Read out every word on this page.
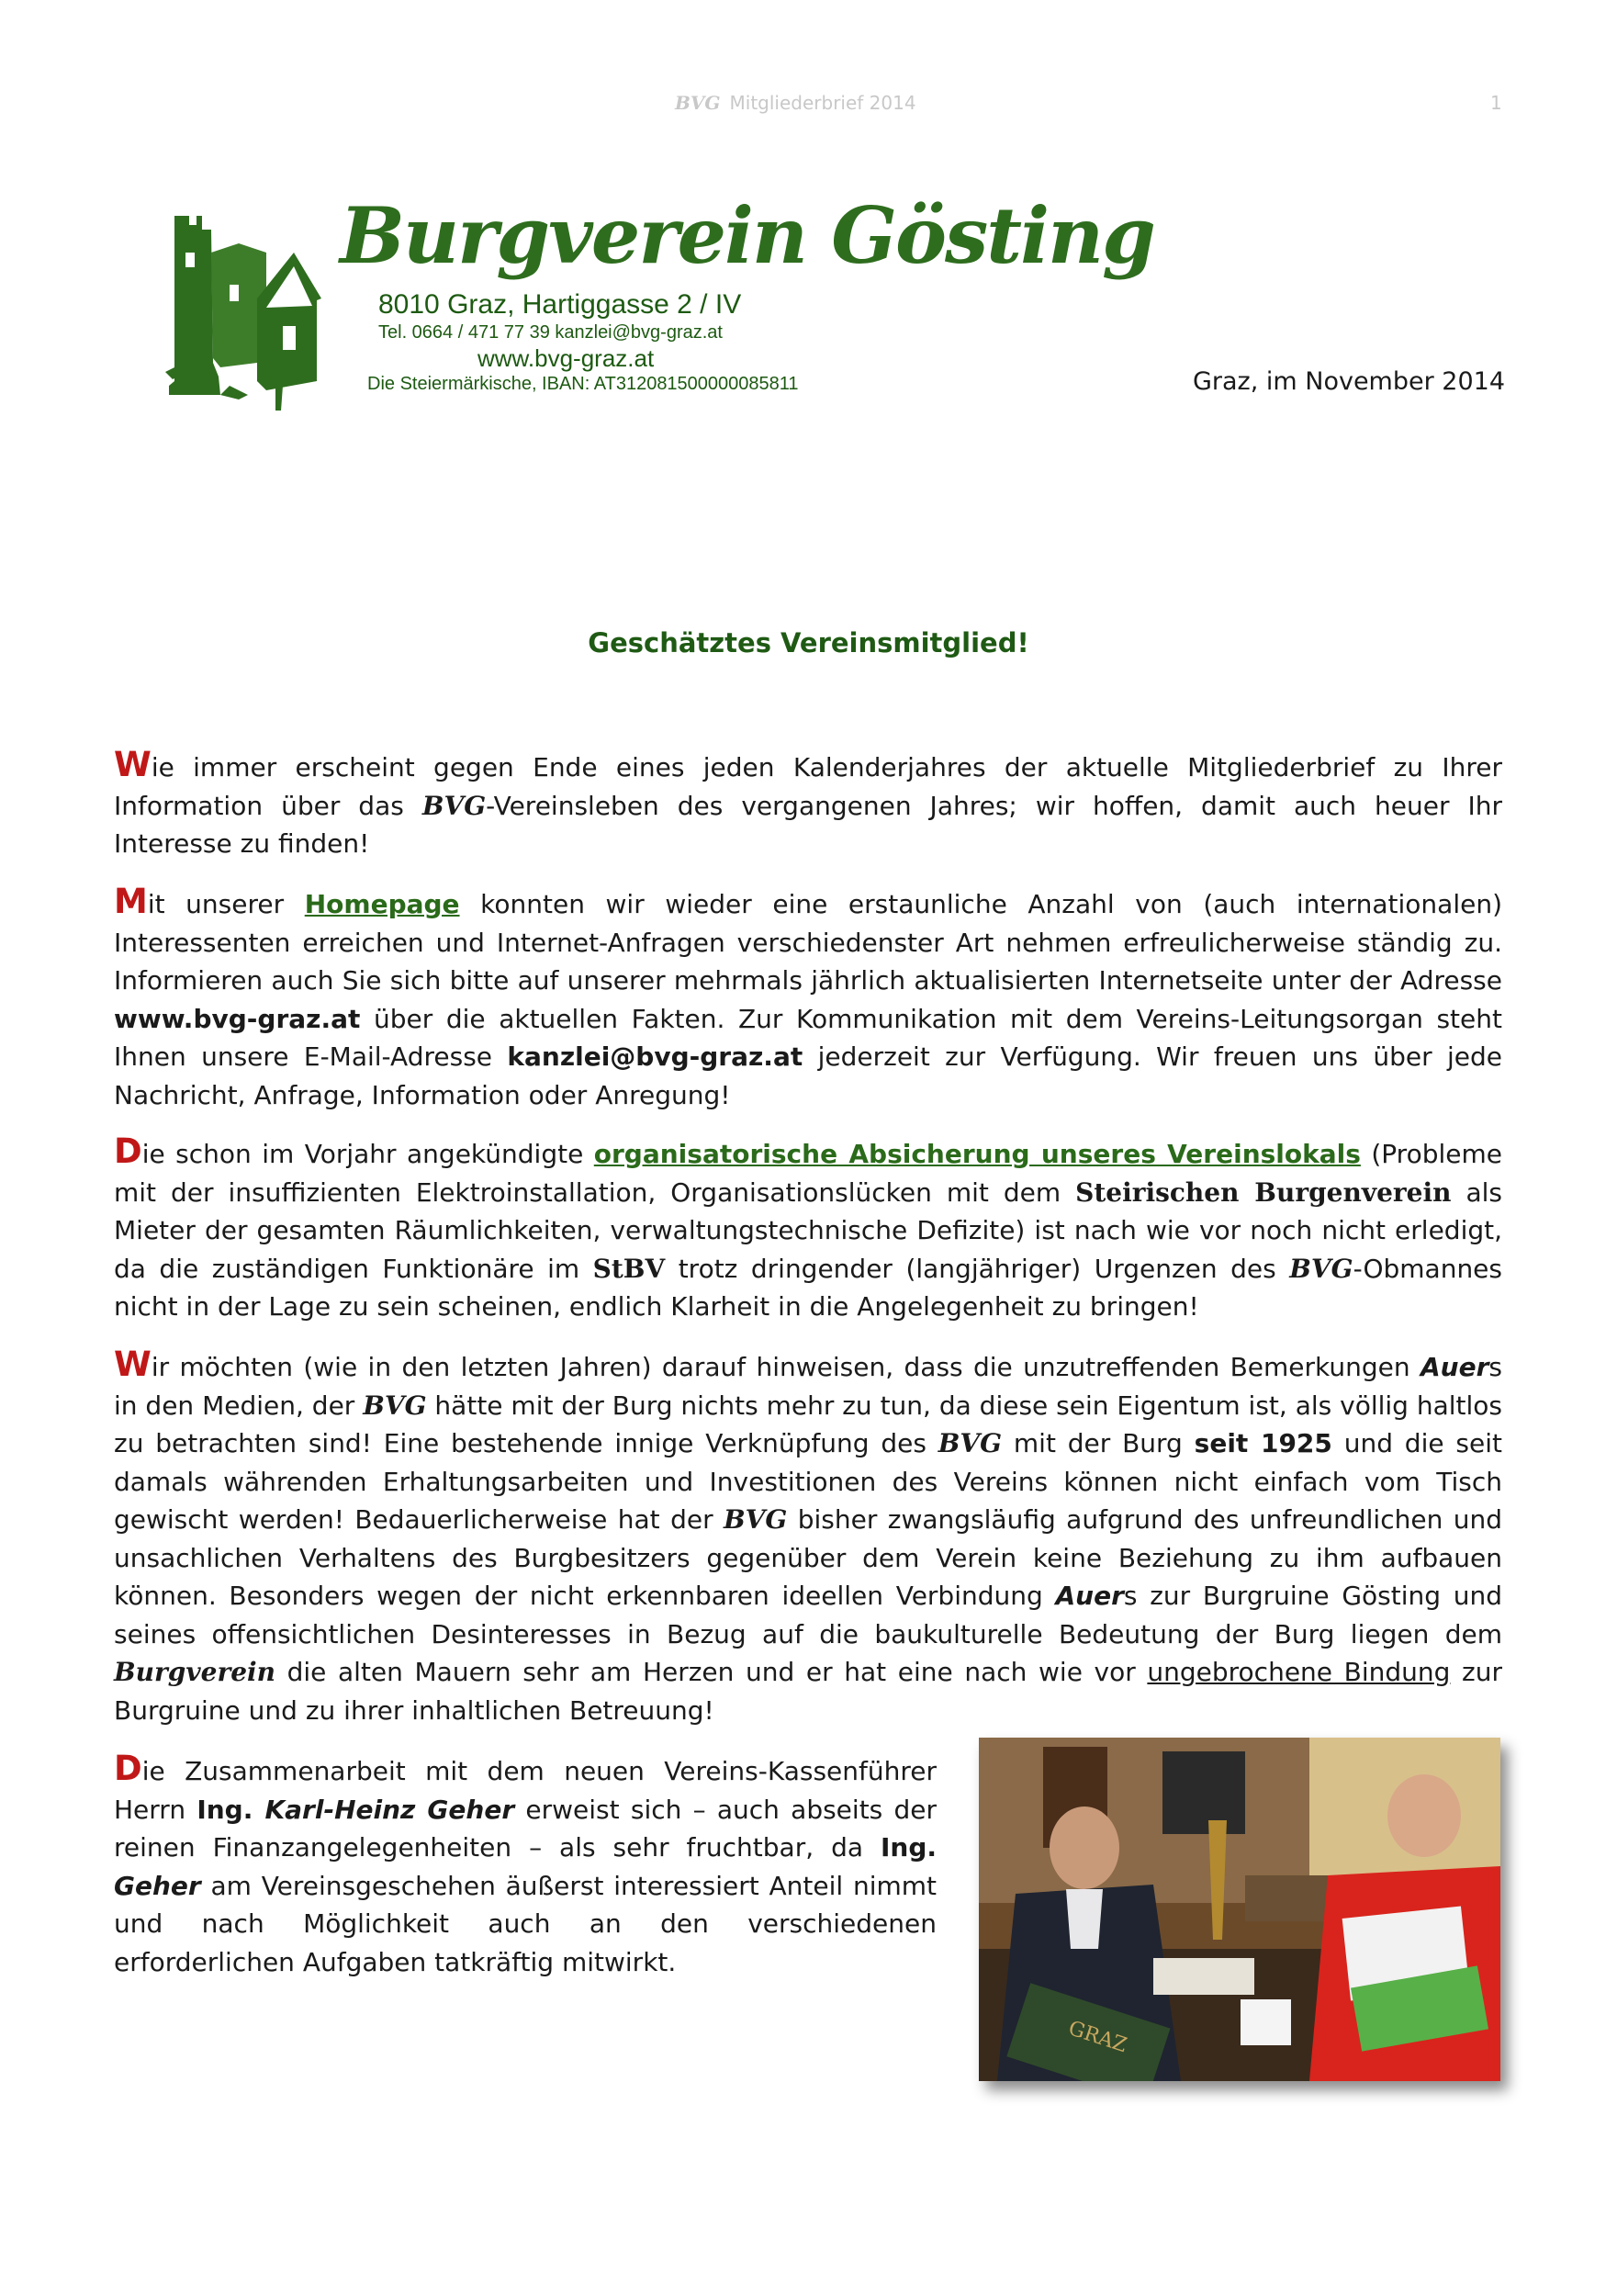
BVG Mitgliederbrief 2014	1
Burgverein Gösting
8010 Graz, Hartiggasse 2 / IV
Tel. 0664 / 471 77 39 kanzlei@bvg-graz.at
www.bvg-graz.at
Die Steiermärkische, IBAN: AT312081500000085811	Graz, im November 2014
Geschätztes Vereinsmitglied!

Wie immer erscheint gegen Ende eines jeden Kalenderjahres der aktuelle Mitgliederbrief zu Ihrer Information über das BVG-Vereinsleben des vergangenen Jahres; wir hoffen, damit auch heuer Ihr Interesse zu finden!

Mit unserer Homepage konnten wir wieder eine erstaunliche Anzahl von (auch internationalen) Interessenten erreichen und Internet-Anfragen verschiedenster Art nehmen erfreulicherweise ständig zu. Informieren auch Sie sich bitte auf unserer mehrmals jährlich aktualisierten Internetseite unter der Adresse www.bvg-graz.at über die aktuellen Fakten. Zur Kommunikation mit dem Vereins-Leitungsorgan steht Ihnen unsere E-Mail-Adresse kanzlei@bvg-graz.at jederzeit zur Verfügung. Wir freuen uns über jede Nachricht, Anfrage, Information oder Anregung!

Die schon im Vorjahr angekündigte organisatorische Absicherung unseres Vereinslokals (Probleme mit der insuffizienten Elektroinstallation, Organisationslücken mit dem Steirischen Burgenverein als Mieter der gesamten Räumlichkeiten, verwaltungstechnische Defizite) ist nach wie vor noch nicht erledigt, da die zuständigen Funktionäre im StBV trotz dringender (langjähriger) Urgenzen des BVG-Obmannes nicht in der Lage zu sein scheinen, endlich Klarheit in die Angelegenheit zu bringen!

Wir möchten (wie in den letzten Jahren) darauf hinweisen, dass die unzutreffenden Bemerkungen Auers in den Medien, der BVG hätte mit der Burg nichts mehr zu tun, da diese sein Eigentum ist, als völlig haltlos zu betrachten sind! Eine bestehende innige Verknüpfung des BVG mit der Burg seit 1925 und die seit damals währenden Erhaltungsarbeiten und Investitionen des Vereins können nicht einfach vom Tisch gewischt werden! Bedauerlicherweise hat der BVG bisher zwangsläufig aufgrund des unfreundlichen und unsachlichen Verhaltens des Burgbesitzers gegenüber dem Verein keine Beziehung zu ihm aufbauen können. Besonders wegen der nicht erkennbaren ideellen Verbindung Auers zur Burgruine Gösting und seines offensichtlichen Desinteresses in Bezug auf die baukulturelle Bedeutung der Burg liegen dem Burgverein die alten Mauern sehr am Herzen und er hat eine nach wie vor ungebrochene Bindung zur Burgruine und zu ihrer inhaltlichen Betreuung!

Die Zusammenarbeit mit dem neuen Vereins-Kassenführer Herrn Ing. Karl-Heinz Geher erweist sich – auch abseits der reinen Finanzangelegenheiten – als sehr fruchtbar, da Ing. Geher am Vereinsgeschehen äußerst interessiert Anteil nimmt und nach Möglichkeit auch an den verschiedenen erforderlichen Aufgaben tatkräftig mitwirkt.

GRAZ
